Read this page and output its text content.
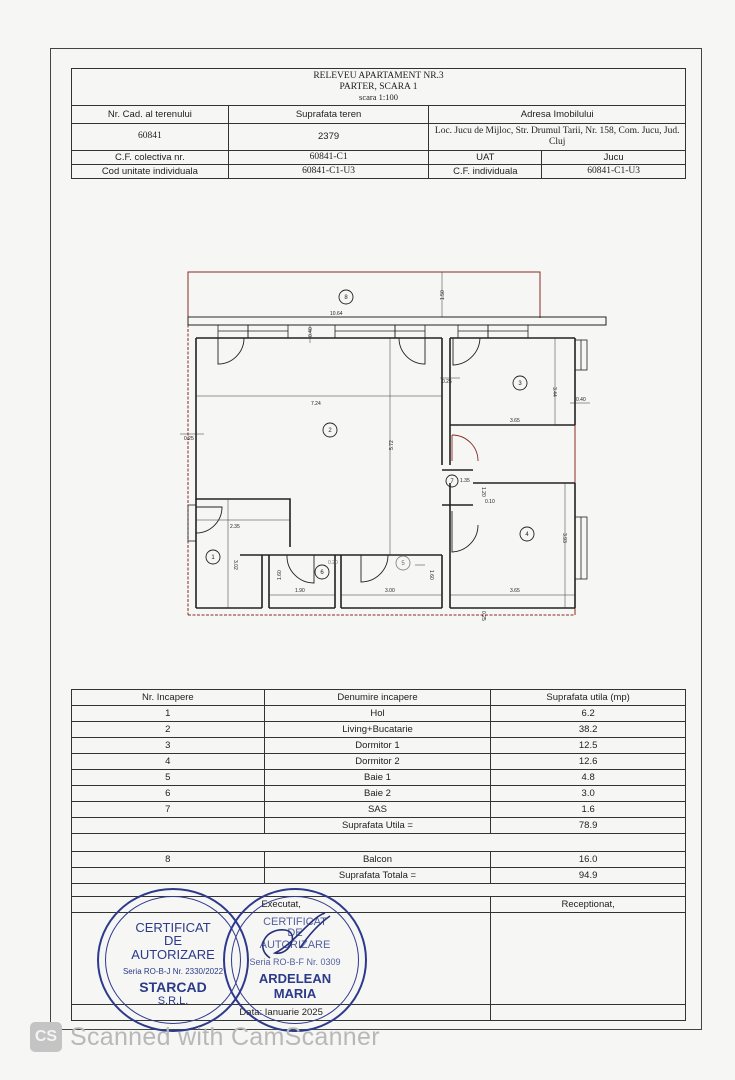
RELEVEU APARTAMENT NR.3
PARTER, SCARA 1
scara 1:100			

Nr. Cad. al terenului	Suprafata teren	Adresa Imobilului	
60841	2379	Loc. Jucu de Mijloc, Str. Drumul Tarii, Nr. 158, Com. Jucu, Jud. Cluj	
C.F. colectiva nr.	60841-C1	UAT	Jucu
Cod unitate individuala	60841-C1-U3	C.F. individuala	60841-C1-U3
10.64
1.50
0.40
7.24
5.72
0.25
0.25
0.40
3.65
3.44
2.35
3.02
1.35
1.20
0.10
3.65
3.93
1.90
1.60
3.00
1.60
0.20
0.25
1
2
3
4
5
6
7
8
Nr. Incapere	Denumire incapere	Suprafata utila (mp)
1	Hol	6.2
2	Living+Bucatarie	38.2
3	Dormitor 1	12.5
4	Dormitor 2	12.6
5	Baie 1	4.8
6	Baie 2	3.0
7	SAS	1.6
	Suprafata Utila =	78.9

8	Balcon	16.0
	Suprafata Totala =	94.9

Executat,		Receptionat,

Data: Ianuarie 2025		
CERTIFICAT
DE
AUTORIZARE
Seria RO-B-J Nr. 2330/2022
STARCAD
S.R.L.
CERTIFICAT
DE
AUTORIZARE
Seria RO-B-F Nr. 0309
ARDELEAN
MARIA
CS Scanned with CamScanner
